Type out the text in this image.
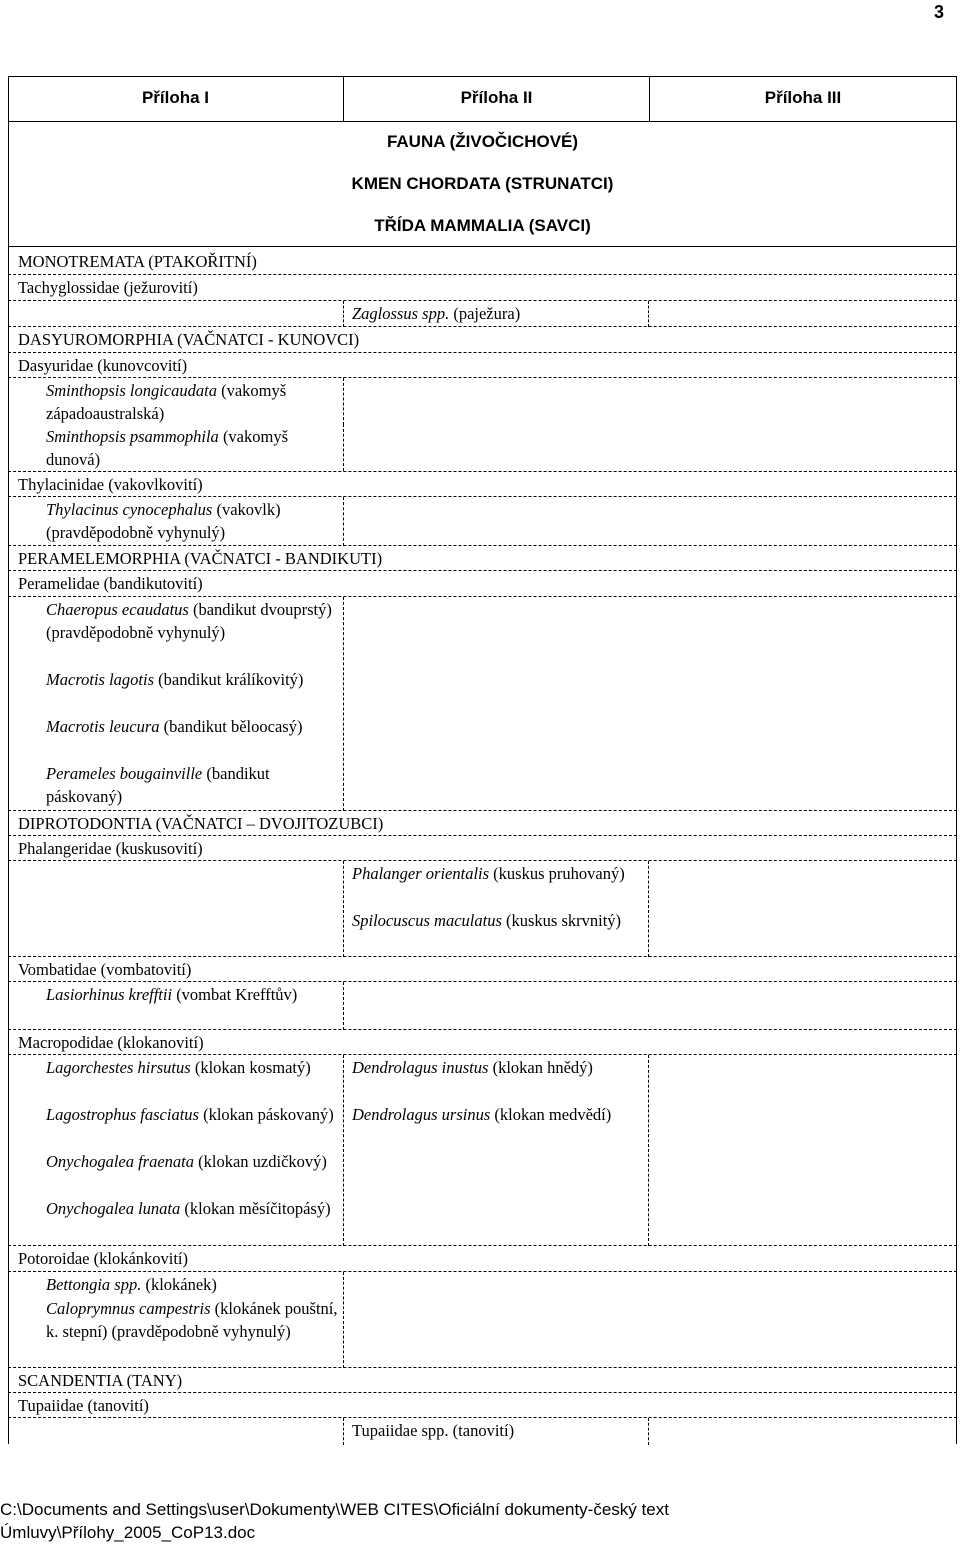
3
Příloha I	Příloha II	Příloha III
FAUNA (ŽIVOČICHOVÉ)
KMEN CHORDATA (STRUNATCI)
TŘÍDA MAMMALIA (SAVCI)
MONOTREMATA (PTAKOŘITNÍ)
Tachyglossidae (ježurovití)
Zaglossus spp. (pаježura)
DASYUROMORPHIA (VAČNATCI - KUNOVCI)
Dasyuridae (kunovcovití)
Sminthopsis longicaudata (vakomyš západoaustralská)
Sminthopsis psammophila (vakomyš dunová)
Thylacinidae (vakovlkovití)
Thylacinus cynocephalus (vakovlk) (pravděpodobně vyhynulý)
PERAMELEMORPHIA (VAČNATCI - BANDIKUTI)
Peramelidae (bandikutovití)
Chaeropus ecaudatus (bandikut dvouprstý) (pravděpodobně vyhynulý)
Macrotis lagotis (bandikut králíkovitý)
Macrotis leucura (bandikut běloocasý)
Perameles bougainville (bandikut páskovaný)
DIPROTODONTIA (VAČNATCI – DVOJITOZUBCI)
Phalangeridae (kuskusovití)
Phalanger orientalis (kuskus pruhovaný)
Spilocuscus maculatus (kuskus skrvnitý)
Vombatidae (vombatovití)
Lasiorhinus krefftii (vombat Krefftův)
Macropodidae (klokanovití)
Lagorchestes hirsutus (klokan kosmatý)
Lagostrophus fasciatus (klokan páskovaný)
Onychogalea fraenata (klokan uzdičkový)
Onychogalea lunata (klokan měsíčitopásý)
Dendrolagus inustus (klokan hnědý)
Dendrolagus ursinus (klokan medvědí)
Potoroidae (klokánkovití)
Bettongia spp. (klokánek)
Caloprymnus campestris (klokánek pouštní, k. stepní) (pravděpodobně vyhynulý)
SCANDENTIA (TANY)
Tupaiidae (tanovití)
Tupaiidae spp. (tanovití)
C:\Documents and Settings\user\Dokumenty\WEB CITES\Oficiální dokumenty-český text
Úmluvy\Přílohy_2005_CoP13.doc
